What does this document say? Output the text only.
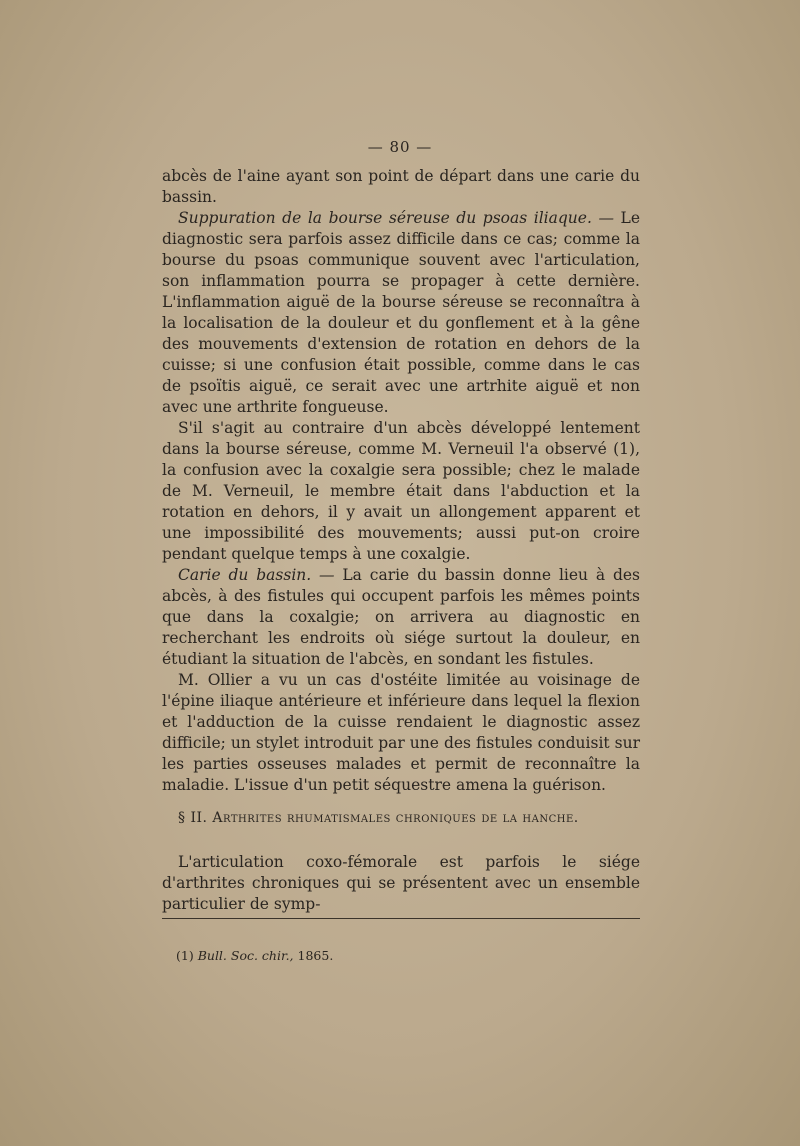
— 80 —

abcès de l'aine ayant son point de départ dans une carie du bassin.

Suppuration de la bourse séreuse du psoas iliaque. — Le diagnostic sera parfois assez difficile dans ce cas; comme la bourse du psoas communique souvent avec l'articulation, son inflammation pourra se propager à cette dernière. L'inflammation aiguë de la bourse séreuse se reconnaîtra à la localisation de la douleur et du gonflement et à la gêne des mouvements d'extension de rotation en dehors de la cuisse; si une confusion était possible, comme dans le cas de psoïtis aiguë, ce serait avec une artrhite aiguë et non avec une arthrite fongueuse.

S'il s'agit au contraire d'un abcès développé lentement dans la bourse séreuse, comme M. Verneuil l'a observé (1), la confusion avec la coxalgie sera possible; chez le malade de M. Verneuil, le membre était dans l'abduction et la rotation en dehors, il y avait un allongement apparent et une impossibilité des mouvements; aussi put-on croire pendant quelque temps à une coxalgie.

Carie du bassin. — La carie du bassin donne lieu à des abcès, à des fistules qui occupent parfois les mêmes points que dans la coxalgie; on arrivera au diagnostic en recherchant les endroits où siége surtout la douleur, en étudiant la situation de l'abcès, en sondant les fistules.

M. Ollier a vu un cas d'ostéite limitée au voisinage de l'épine iliaque antérieure et inférieure dans lequel la flexion et l'adduction de la cuisse rendaient le diagnostic assez difficile; un stylet introduit par une des fistules conduisit sur les parties osseuses malades et permit de reconnaître la maladie. L'issue d'un petit séquestre amena la guérison.

§ II. Arthrites rhumatismales chroniques de la hanche.

L'articulation coxo-fémorale est parfois le siége d'arthrites chroniques qui se présentent avec un ensemble particulier de symp-

(1) Bull. Soc. chir., 1865.
